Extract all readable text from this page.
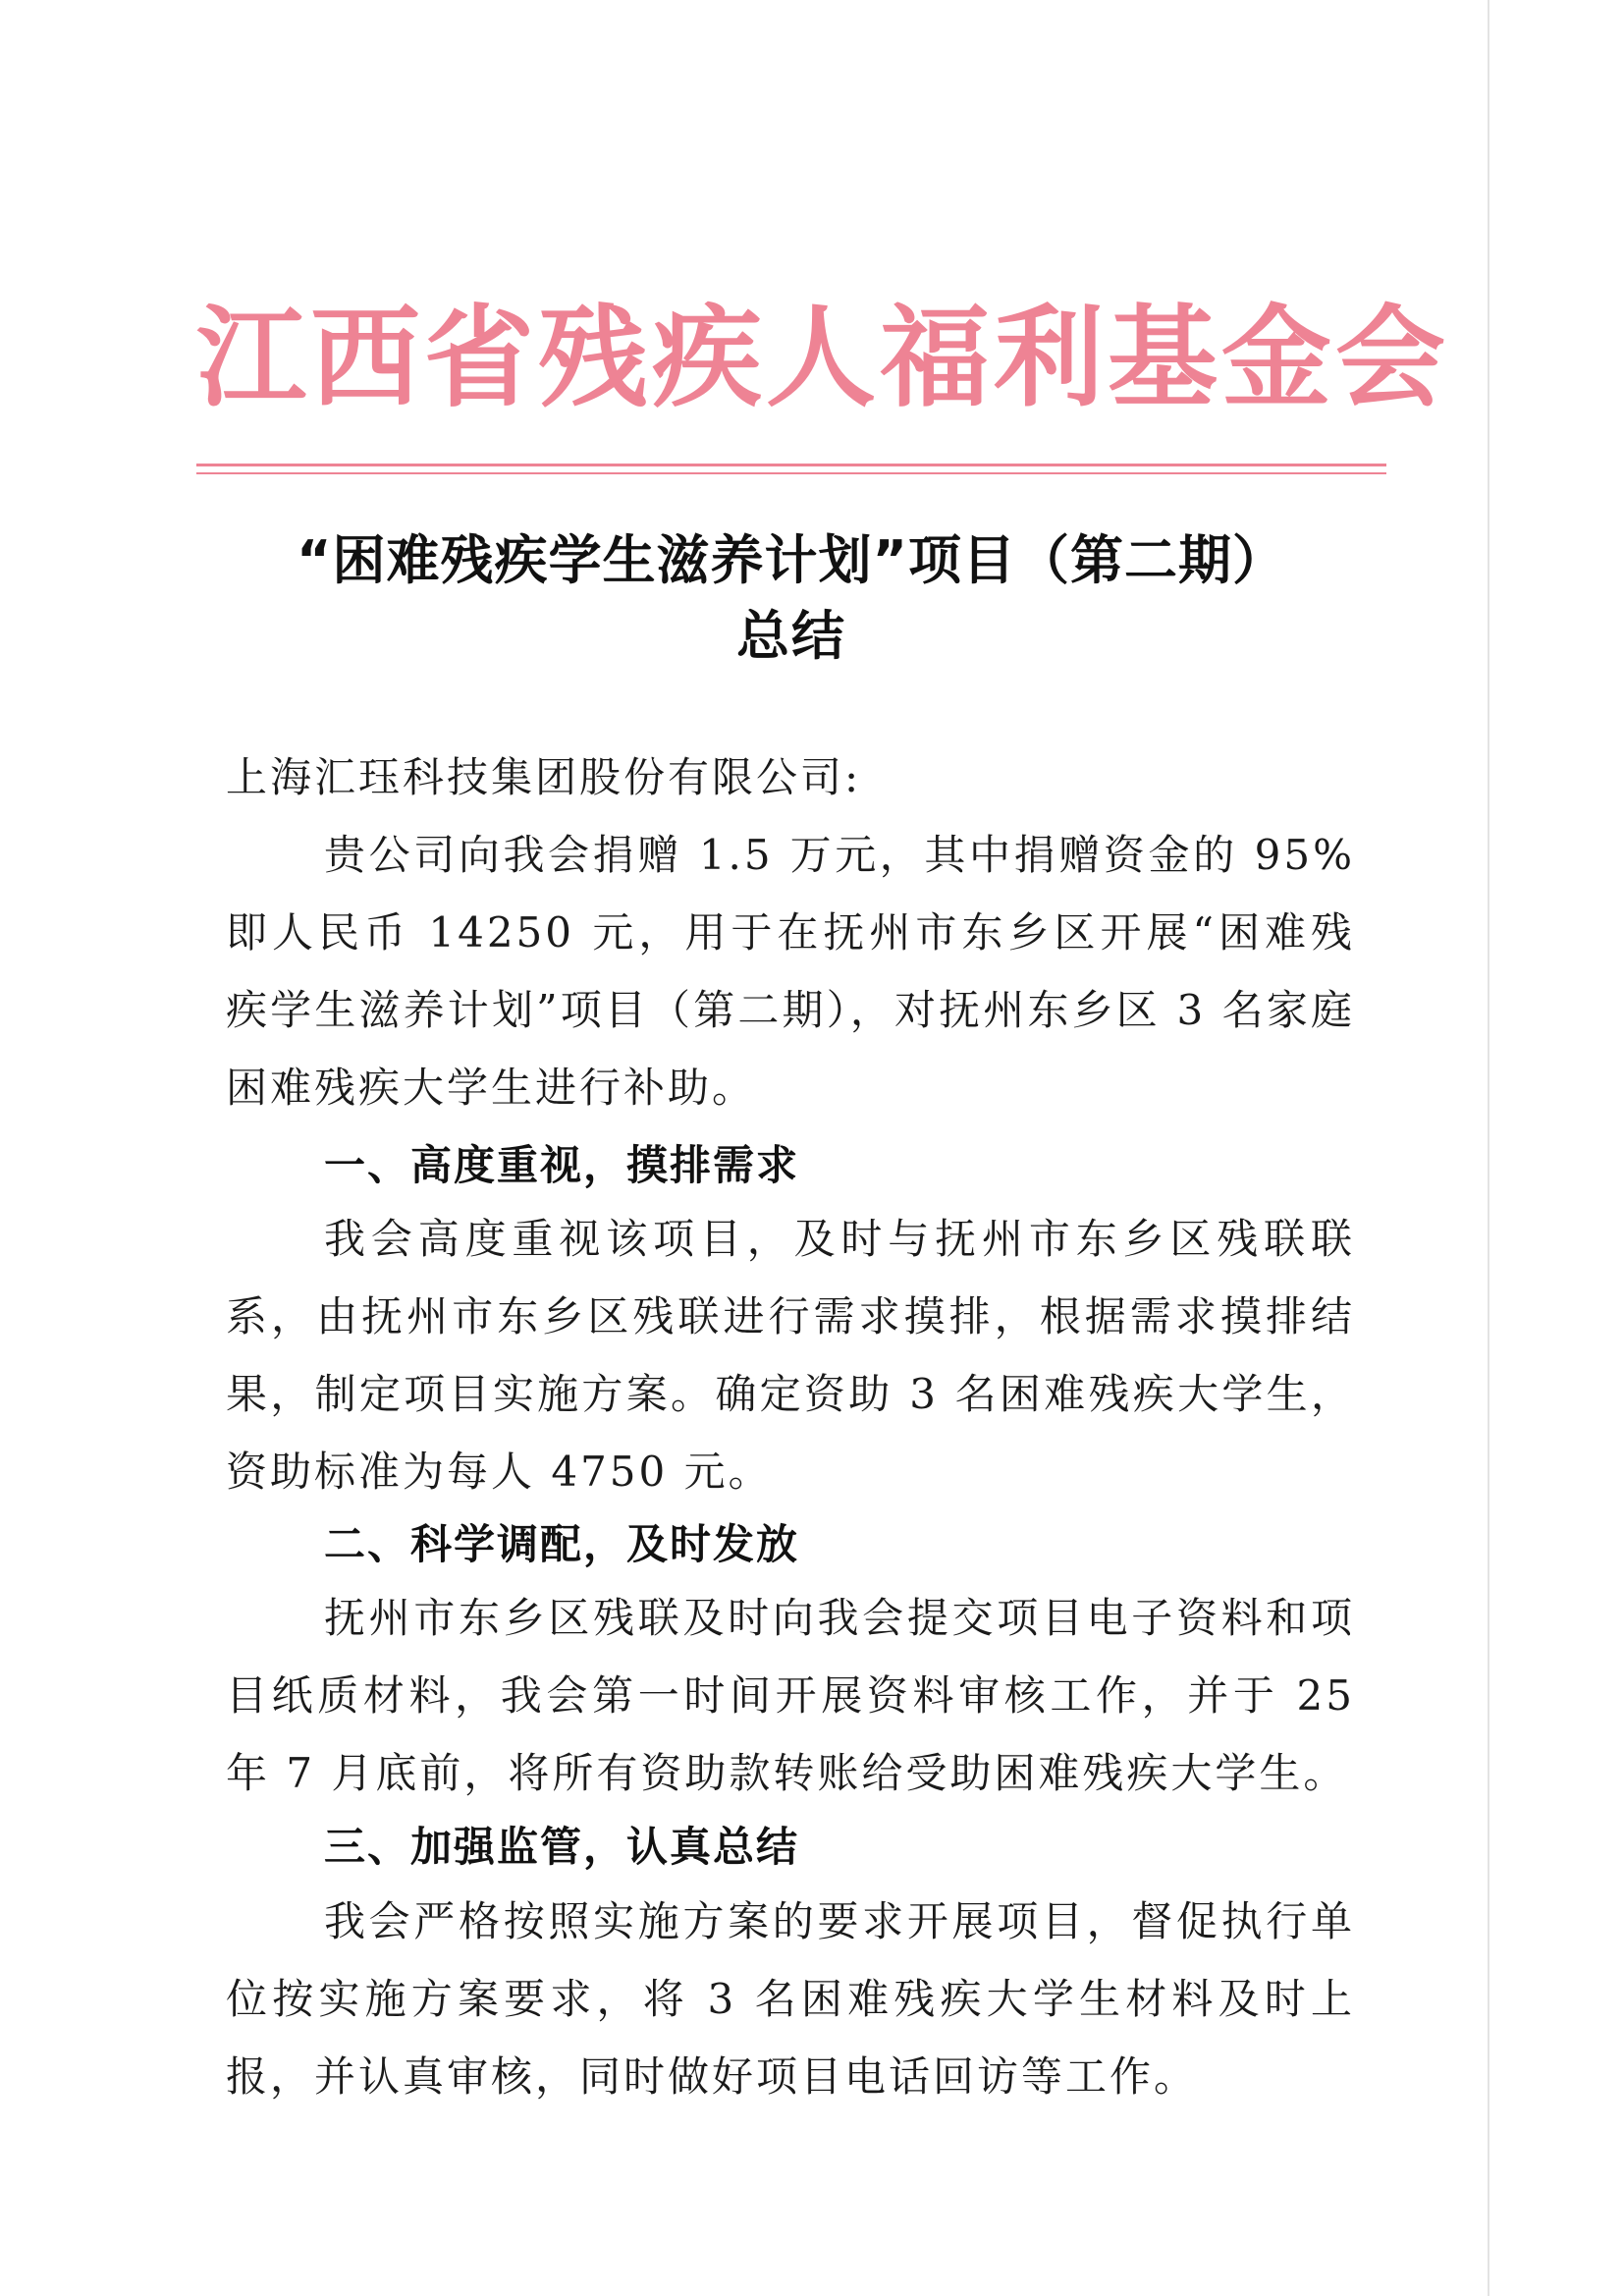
江西省残疾人福利基金会
“困难残疾学生滋养计划”项目（第二期）
总结
上海汇珏科技集团股份有限公司:
贵公司向我会捐赠 1.5 万元，其中捐赠资金的 95%即人民币 14250 元，用于在抚州市东乡区开展“困难残疾学生滋养计划”项目（第二期），对抚州东乡区 3 名家庭困难残疾大学生进行补助。
一、高度重视，摸排需求
我会高度重视该项目，及时与抚州市东乡区残联联系，由抚州市东乡区残联进行需求摸排，根据需求摸排结果，制定项目实施方案。确定资助 3 名困难残疾大学生，资助标准为每人 4750 元。
二、科学调配，及时发放
抚州市东乡区残联及时向我会提交项目电子资料和项目纸质材料，我会第一时间开展资料审核工作，并于 25 年 7 月底前，将所有资助款转账给受助困难残疾大学生。
三、加强监管，认真总结
我会严格按照实施方案的要求开展项目，督促执行单位按实施方案要求，将 3 名困难残疾大学生材料及时上报，并认真审核，同时做好项目电话回访等工作。
